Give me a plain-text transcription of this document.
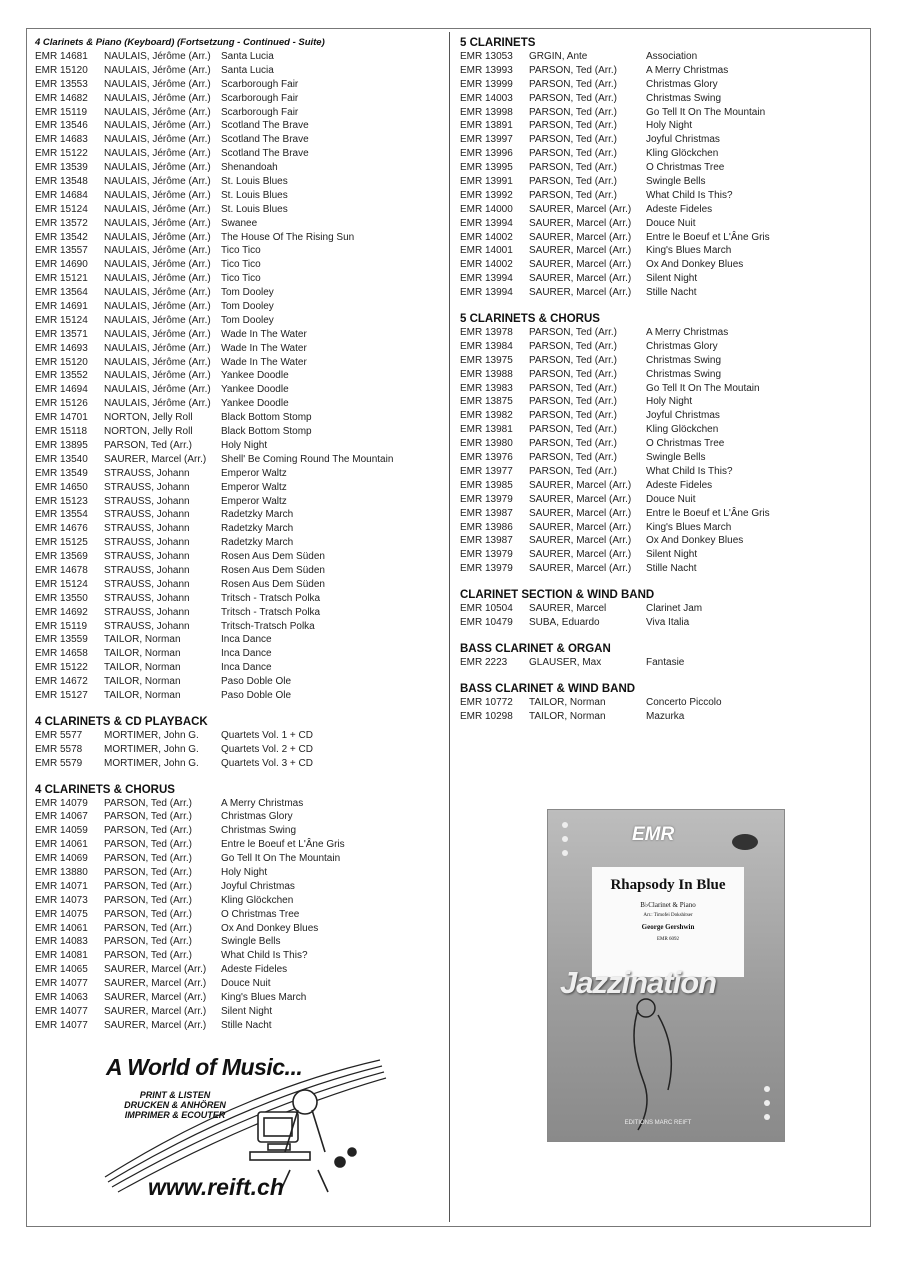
4 Clarinets & Piano (Keyboard) (Fortsetzung - Continued - Suite)
EMR 14681	NAULAIS, Jérôme (Arr.)	Santa Lucia
EMR 15120	NAULAIS, Jérôme (Arr.)	Santa Lucia
EMR 13553	NAULAIS, Jérôme (Arr.)	Scarborough Fair
EMR 14682	NAULAIS, Jérôme (Arr.)	Scarborough Fair
EMR 15119	NAULAIS, Jérôme (Arr.)	Scarborough Fair
EMR 13546	NAULAIS, Jérôme (Arr.)	Scotland The Brave
EMR 14683	NAULAIS, Jérôme (Arr.)	Scotland The Brave
EMR 15122	NAULAIS, Jérôme (Arr.)	Scotland The Brave
EMR 13539	NAULAIS, Jérôme (Arr.)	Shenandoah
EMR 13548	NAULAIS, Jérôme (Arr.)	St. Louis Blues
EMR 14684	NAULAIS, Jérôme (Arr.)	St. Louis Blues
EMR 15124	NAULAIS, Jérôme (Arr.)	St. Louis Blues
EMR 13572	NAULAIS, Jérôme (Arr.)	Swanee
EMR 13542	NAULAIS, Jérôme (Arr.)	The House Of The Rising Sun
EMR 13557	NAULAIS, Jérôme (Arr.)	Tico Tico
EMR 14690	NAULAIS, Jérôme (Arr.)	Tico Tico
EMR 15121	NAULAIS, Jérôme (Arr.)	Tico Tico
EMR 13564	NAULAIS, Jérôme (Arr.)	Tom Dooley
EMR 14691	NAULAIS, Jérôme (Arr.)	Tom Dooley
EMR 15124	NAULAIS, Jérôme (Arr.)	Tom Dooley
EMR 13571	NAULAIS, Jérôme (Arr.)	Wade In The Water
EMR 14693	NAULAIS, Jérôme (Arr.)	Wade In The Water
EMR 15120	NAULAIS, Jérôme (Arr.)	Wade In The Water
EMR 13552	NAULAIS, Jérôme (Arr.)	Yankee Doodle
EMR 14694	NAULAIS, Jérôme (Arr.)	Yankee Doodle
EMR 15126	NAULAIS, Jérôme (Arr.)	Yankee Doodle
EMR 14701	NORTON, Jelly Roll	Black Bottom Stomp
EMR 15118	NORTON, Jelly Roll	Black Bottom Stomp
EMR 13895	PARSON, Ted (Arr.)	Holy Night
EMR 13540	SAURER, Marcel (Arr.)	Shell' Be Coming Round The Mountain
EMR 13549	STRAUSS, Johann	Emperor Waltz
EMR 14650	STRAUSS, Johann	Emperor Waltz
EMR 15123	STRAUSS, Johann	Emperor Waltz
EMR 13554	STRAUSS, Johann	Radetzky March
EMR 14676	STRAUSS, Johann	Radetzky March
EMR 15125	STRAUSS, Johann	Radetzky March
EMR 13569	STRAUSS, Johann	Rosen Aus Dem Süden
EMR 14678	STRAUSS, Johann	Rosen Aus Dem Süden
EMR 15124	STRAUSS, Johann	Rosen Aus Dem Süden
EMR 13550	STRAUSS, Johann	Tritsch - Tratsch Polka
EMR 14692	STRAUSS, Johann	Tritsch - Tratsch Polka
EMR 15119	STRAUSS, Johann	Tritsch-Tratsch Polka
EMR 13559	TAILOR, Norman	Inca Dance
EMR 14658	TAILOR, Norman	Inca Dance
EMR 15122	TAILOR, Norman	Inca Dance
EMR 14672	TAILOR, Norman	Paso Doble Ole
EMR 15127	TAILOR, Norman	Paso Doble Ole
4 CLARINETS & CD PLAYBACK
EMR 5577	MORTIMER, John G.	Quartets Vol. 1 + CD
EMR 5578	MORTIMER, John G.	Quartets Vol. 2 + CD
EMR 5579	MORTIMER, John G.	Quartets Vol. 3 + CD
4 CLARINETS & CHORUS
EMR 14079	PARSON, Ted (Arr.)	A Merry Christmas
EMR 14067	PARSON, Ted (Arr.)	Christmas Glory
EMR 14059	PARSON, Ted (Arr.)	Christmas Swing
EMR 14061	PARSON, Ted (Arr.)	Entre le Boeuf et L'Âne Gris
EMR 14069	PARSON, Ted (Arr.)	Go Tell It On The Mountain
EMR 13880	PARSON, Ted (Arr.)	Holy Night
EMR 14071	PARSON, Ted (Arr.)	Joyful Christmas
EMR 14073	PARSON, Ted (Arr.)	Kling Glöckchen
EMR 14075	PARSON, Ted (Arr.)	O Christmas Tree
EMR 14061	PARSON, Ted (Arr.)	Ox And Donkey Blues
EMR 14083	PARSON, Ted (Arr.)	Swingle Bells
EMR 14081	PARSON, Ted (Arr.)	What Child Is This?
EMR 14065	SAURER, Marcel (Arr.)	Adeste Fideles
EMR 14077	SAURER, Marcel (Arr.)	Douce Nuit
EMR 14063	SAURER, Marcel (Arr.)	King's Blues March
EMR 14077	SAURER, Marcel (Arr.)	Silent Night
EMR 14077	SAURER, Marcel (Arr.)	Stille Nacht
5 CLARINETS
EMR 13053	GRGIN, Ante	Association
EMR 13993	PARSON, Ted (Arr.)	A Merry Christmas
EMR 13999	PARSON, Ted (Arr.)	Christmas Glory
EMR 14003	PARSON, Ted (Arr.)	Christmas Swing
EMR 13998	PARSON, Ted (Arr.)	Go Tell It On The Mountain
EMR 13891	PARSON, Ted (Arr.)	Holy Night
EMR 13997	PARSON, Ted (Arr.)	Joyful Christmas
EMR 13996	PARSON, Ted (Arr.)	Kling Glöckchen
EMR 13995	PARSON, Ted (Arr.)	O Christmas Tree
EMR 13991	PARSON, Ted (Arr.)	Swingle Bells
EMR 13992	PARSON, Ted (Arr.)	What Child Is This?
EMR 14000	SAURER, Marcel (Arr.)	Adeste Fideles
EMR 13994	SAURER, Marcel (Arr.)	Douce Nuit
EMR 14002	SAURER, Marcel (Arr.)	Entre le Boeuf et L'Âne Gris
EMR 14001	SAURER, Marcel (Arr.)	King's Blues March
EMR 14002	SAURER, Marcel (Arr.)	Ox And Donkey Blues
EMR 13994	SAURER, Marcel (Arr.)	Silent Night
EMR 13994	SAURER, Marcel (Arr.)	Stille Nacht
5 CLARINETS & CHORUS
EMR 13978	PARSON, Ted (Arr.)	A Merry Christmas
EMR 13984	PARSON, Ted (Arr.)	Christmas Glory
EMR 13975	PARSON, Ted (Arr.)	Christmas Swing
EMR 13988	PARSON, Ted (Arr.)	Christmas Swing
EMR 13983	PARSON, Ted (Arr.)	Go Tell It On The Moutain
EMR 13875	PARSON, Ted (Arr.)	Holy Night
EMR 13982	PARSON, Ted (Arr.)	Joyful Christmas
EMR 13981	PARSON, Ted (Arr.)	Kling Glöckchen
EMR 13980	PARSON, Ted (Arr.)	O Christmas Tree
EMR 13976	PARSON, Ted (Arr.)	Swingle Bells
EMR 13977	PARSON, Ted (Arr.)	What Child Is This?
EMR 13985	SAURER, Marcel (Arr.)	Adeste Fideles
EMR 13979	SAURER, Marcel (Arr.)	Douce Nuit
EMR 13987	SAURER, Marcel (Arr.)	Entre le Boeuf et L'Âne Gris
EMR 13986	SAURER, Marcel (Arr.)	King's Blues March
EMR 13987	SAURER, Marcel (Arr.)	Ox And Donkey Blues
EMR 13979	SAURER, Marcel (Arr.)	Silent Night
EMR 13979	SAURER, Marcel (Arr.)	Stille Nacht
CLARINET SECTION & WIND BAND
EMR 10504	SAURER, Marcel	Clarinet Jam
EMR 10479	SUBA, Eduardo	Viva Italia
BASS CLARINET & ORGAN
EMR 2223	GLAUSER, Max	Fantasie
BASS CLARINET & WIND BAND
EMR 10772	TAILOR, Norman	Concerto Piccolo
EMR 10298	TAILOR, Norman	Mazurka
A World of Music...
PRINT & LISTEN
DRUCKEN & ANHÖREN
IMPRIMER & ECOUTER
www.reift.ch
EMR
Rhapsody In Blue
B♭Clarinet & Piano
Arr.: Timofei Dokshitser
George Gershwin
EMR 6092
Jazzination
EDITIONS MARC REIFT
